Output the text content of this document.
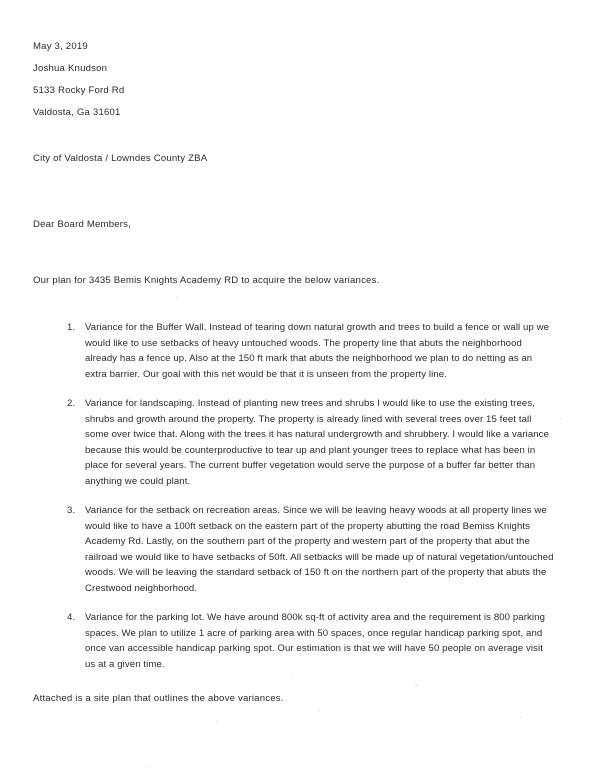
May 3, 2019
Joshua Knudson
5133 Rocky Ford Rd
Valdosta, Ga 31601
City of Valdosta / Lowndes County ZBA
Dear Board Members,
Our plan for 3435 Bemis Knights Academy RD to acquire the below variances.
Variance for the Buffer Wall. Instead of tearing down natural growth and trees to build a fence or wall up we would like to use setbacks of heavy untouched woods. The property line that abuts the neighborhood already has a fence up. Also at the 150 ft mark that abuts the neighborhood we plan to do netting as an extra barrier. Our goal with this net would be that it is unseen from the property line.
Variance for landscaping. Instead of planting new trees and shrubs I would like to use the existing trees, shrubs and growth around the property. The property is already lined with several trees over 15 feet tall some over twice that. Along with the trees it has natural undergrowth and shrubbery. I would like a variance because this would be counterproductive to tear up and plant younger trees to replace what has been in place for several years. The current buffer vegetation would serve the purpose of a buffer far better than anything we could plant.
Variance for the setback on recreation areas. Since we will be leaving heavy woods at all property lines we would like to have a 100ft setback on the eastern part of the property abutting the road Bemiss Knights Academy Rd. Lastly, on the southern part of the property and western part of the property that abut the railroad we would like to have setbacks of 50ft. All setbacks will be made up of natural vegetation/untouched woods. We will be leaving the standard setback of 150 ft on the northern part of the property that abuts the Crestwood neighborhood.
Variance for the parking lot. We have around 800k sq-ft of activity area and the requirement is 800 parking spaces. We plan to utilize 1 acre of parking area with 50 spaces, once regular handicap parking spot, and once van accessible handicap parking spot. Our estimation is that we will have 50 people on average visit us at a given time.
Attached is a site plan that outlines the above variances.
